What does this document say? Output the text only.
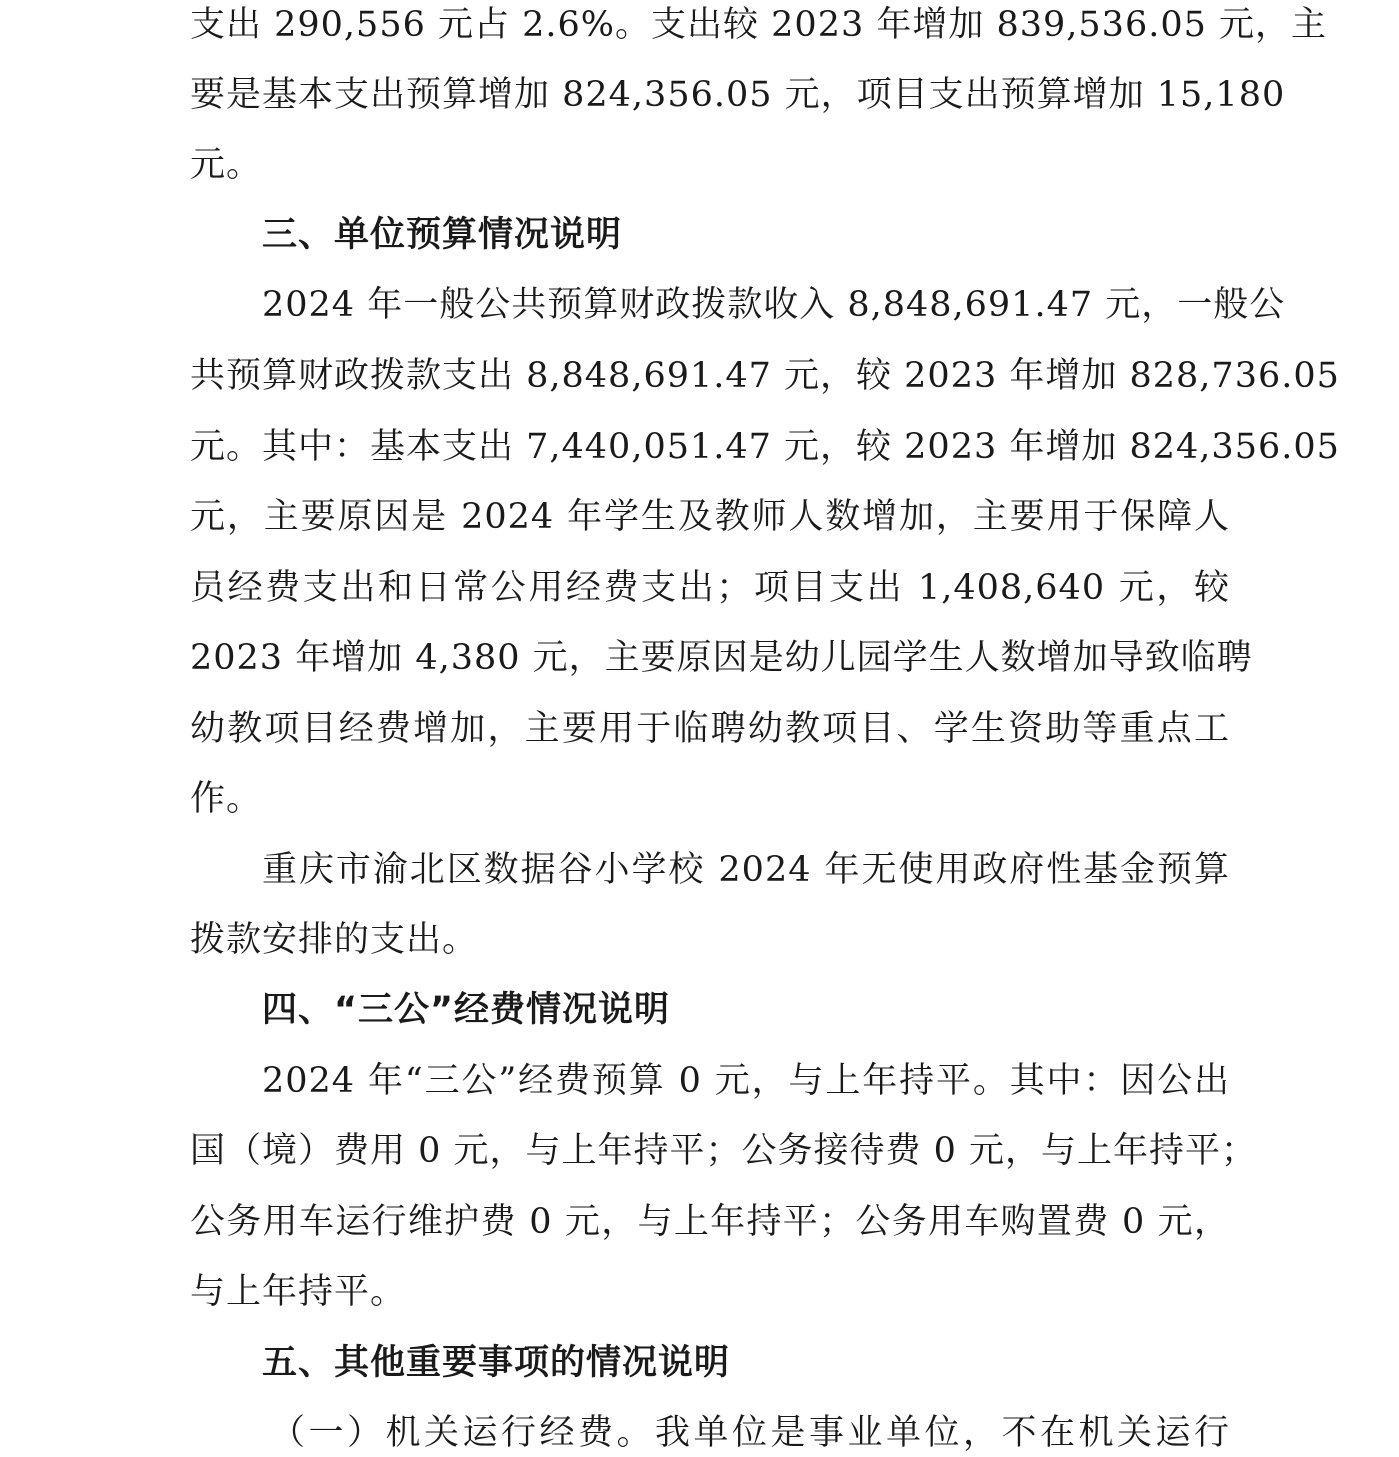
支出 290,556 元占 2.6%。支出较 2023 年增加 839,536.05 元，主
要是基本支出预算增加 824,356.05 元，项目支出预算增加 15,180
元。
三、单位预算情况说明
2024 年一般公共预算财政拨款收入 8,848,691.47 元，一般公
共预算财政拨款支出 8,848,691.47 元，较 2023 年增加 828,736.05
元。其中：基本支出 7,440,051.47 元，较 2023 年增加 824,356.05
元，主要原因是 2024 年学生及教师人数增加，主要用于保障人
员经费支出和日常公用经费支出；项目支出 1,408,640 元，较
2023 年增加 4,380 元，主要原因是幼儿园学生人数增加导致临聘
幼教项目经费增加，主要用于临聘幼教项目、学生资助等重点工
作。
重庆市渝北区数据谷小学校 2024 年无使用政府性基金预算
拨款安排的支出。
四、“三公”经费情况说明
2024 年“三公”经费预算 0 元，与上年持平。其中：因公出
国（境）费用 0 元，与上年持平；公务接待费 0 元，与上年持平；
公务用车运行维护费 0 元，与上年持平；公务用车购置费 0 元，
与上年持平。
五、其他重要事项的情况说明
（一）机关运行经费。我单位是事业单位，不在机关运行
